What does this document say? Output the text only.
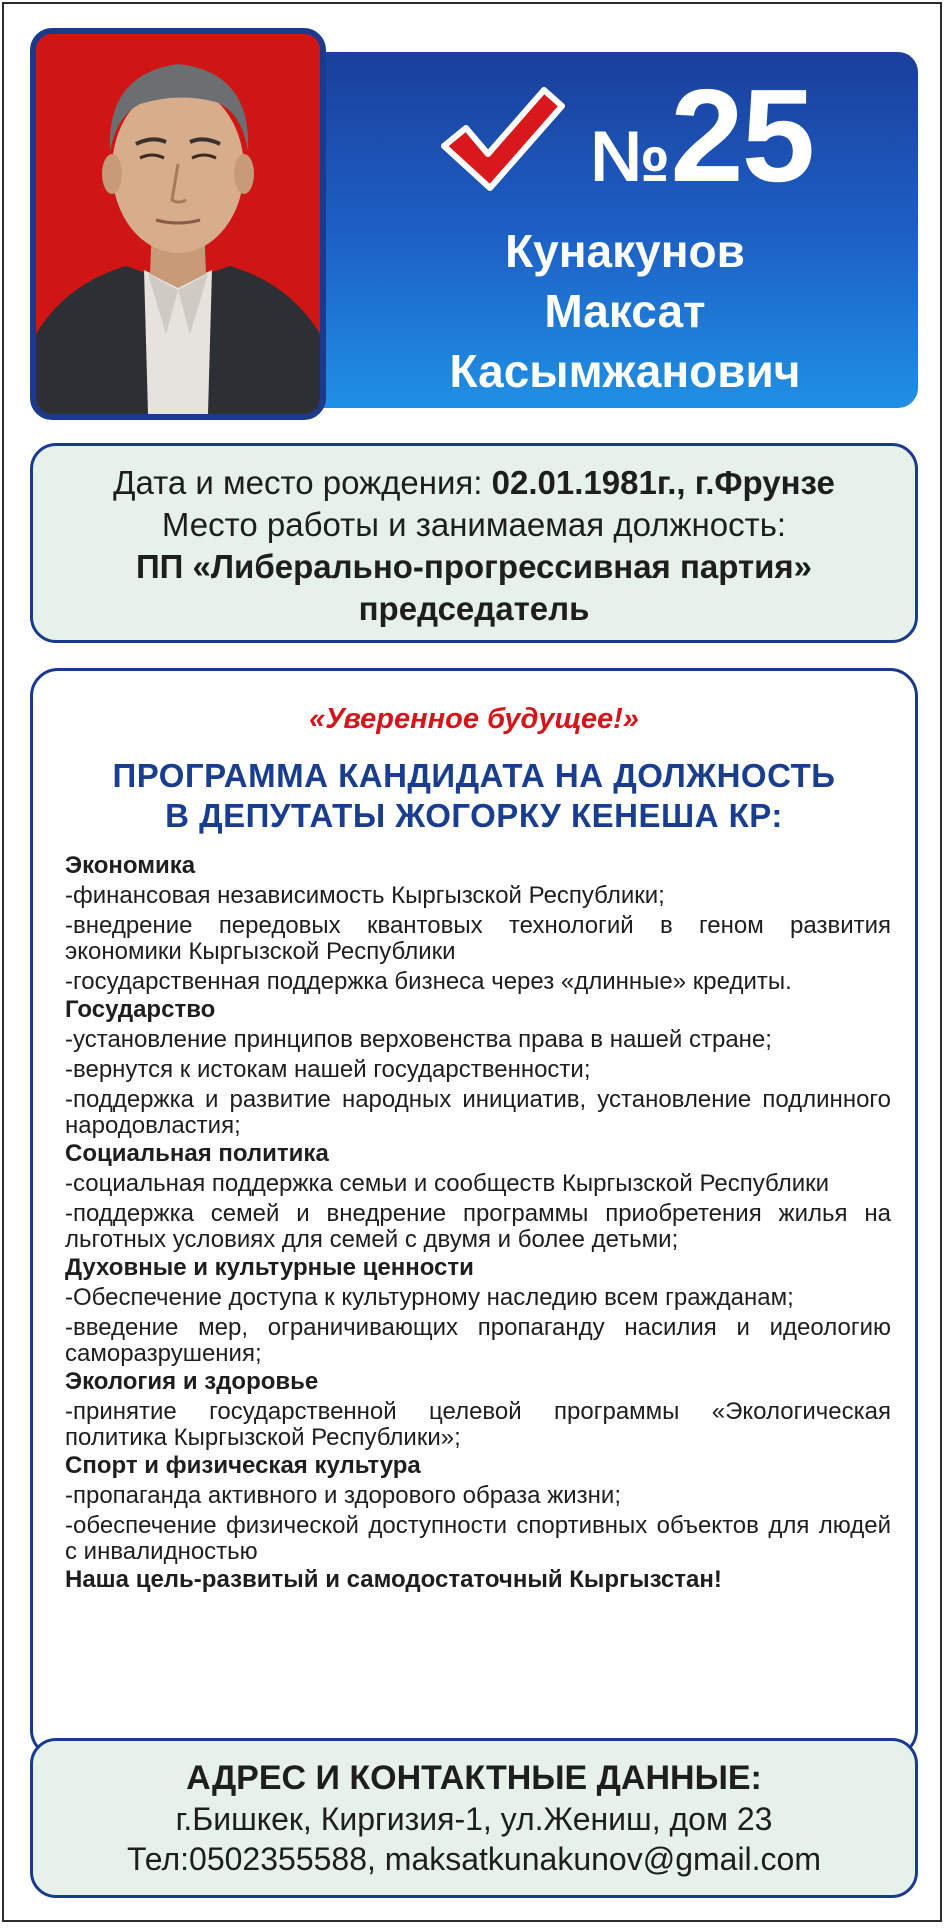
№25
Кунакунов
Максат
Касымжанович
Дата и место рождения: 02.01.1981г., г.Фрунзе
Место работы и занимаемая должность:
ПП «Либерально-прогрессивная партия»
председатель
«Уверенное будущее!»
ПРОГРАММА КАНДИДАТА НА ДОЛЖНОСТЬ
В ДЕПУТАТЫ ЖОГОРКУ КЕНЕША КР:
Экономика
-финансовая независимость Кыргызской Республики;
-внедрение передовых квантовых технологий в геном развития экономики Кыргызской Республики
-государственная поддержка бизнеса через «длинные» кредиты.
Государство
-установление принципов верховенства права в нашей стране;
-вернутся к истокам нашей государственности;
-поддержка и развитие народных инициатив, установление подлинного народовластия;
Социальная политика
-социальная поддержка семьи и сообществ Кыргызской Республики
-поддержка семей и внедрение программы приобретения жилья на льготных условиях для семей с двумя и более детьми;
Духовные и культурные ценности
-Обеспечение доступа к культурному наследию всем гражданам;
-введение мер, ограничивающих пропаганду насилия и идеологию саморазрушения;
Экология и здоровье
-принятие государственной целевой программы «Экологическая политика Кыргызской Республики»;
Спорт и физическая культура
-пропаганда активного и здорового образа жизни;
-обеспечение физической доступности спортивных объектов для людей с инвалидностью
Наша цель-развитый и самодостаточный Кыргызстан!
АДРЕС И КОНТАКТНЫЕ ДАННЫЕ:
г.Бишкек, Киргизия-1, ул.Жениш, дом 23
Тел:0502355588, maksatkunakunov@gmail.com
